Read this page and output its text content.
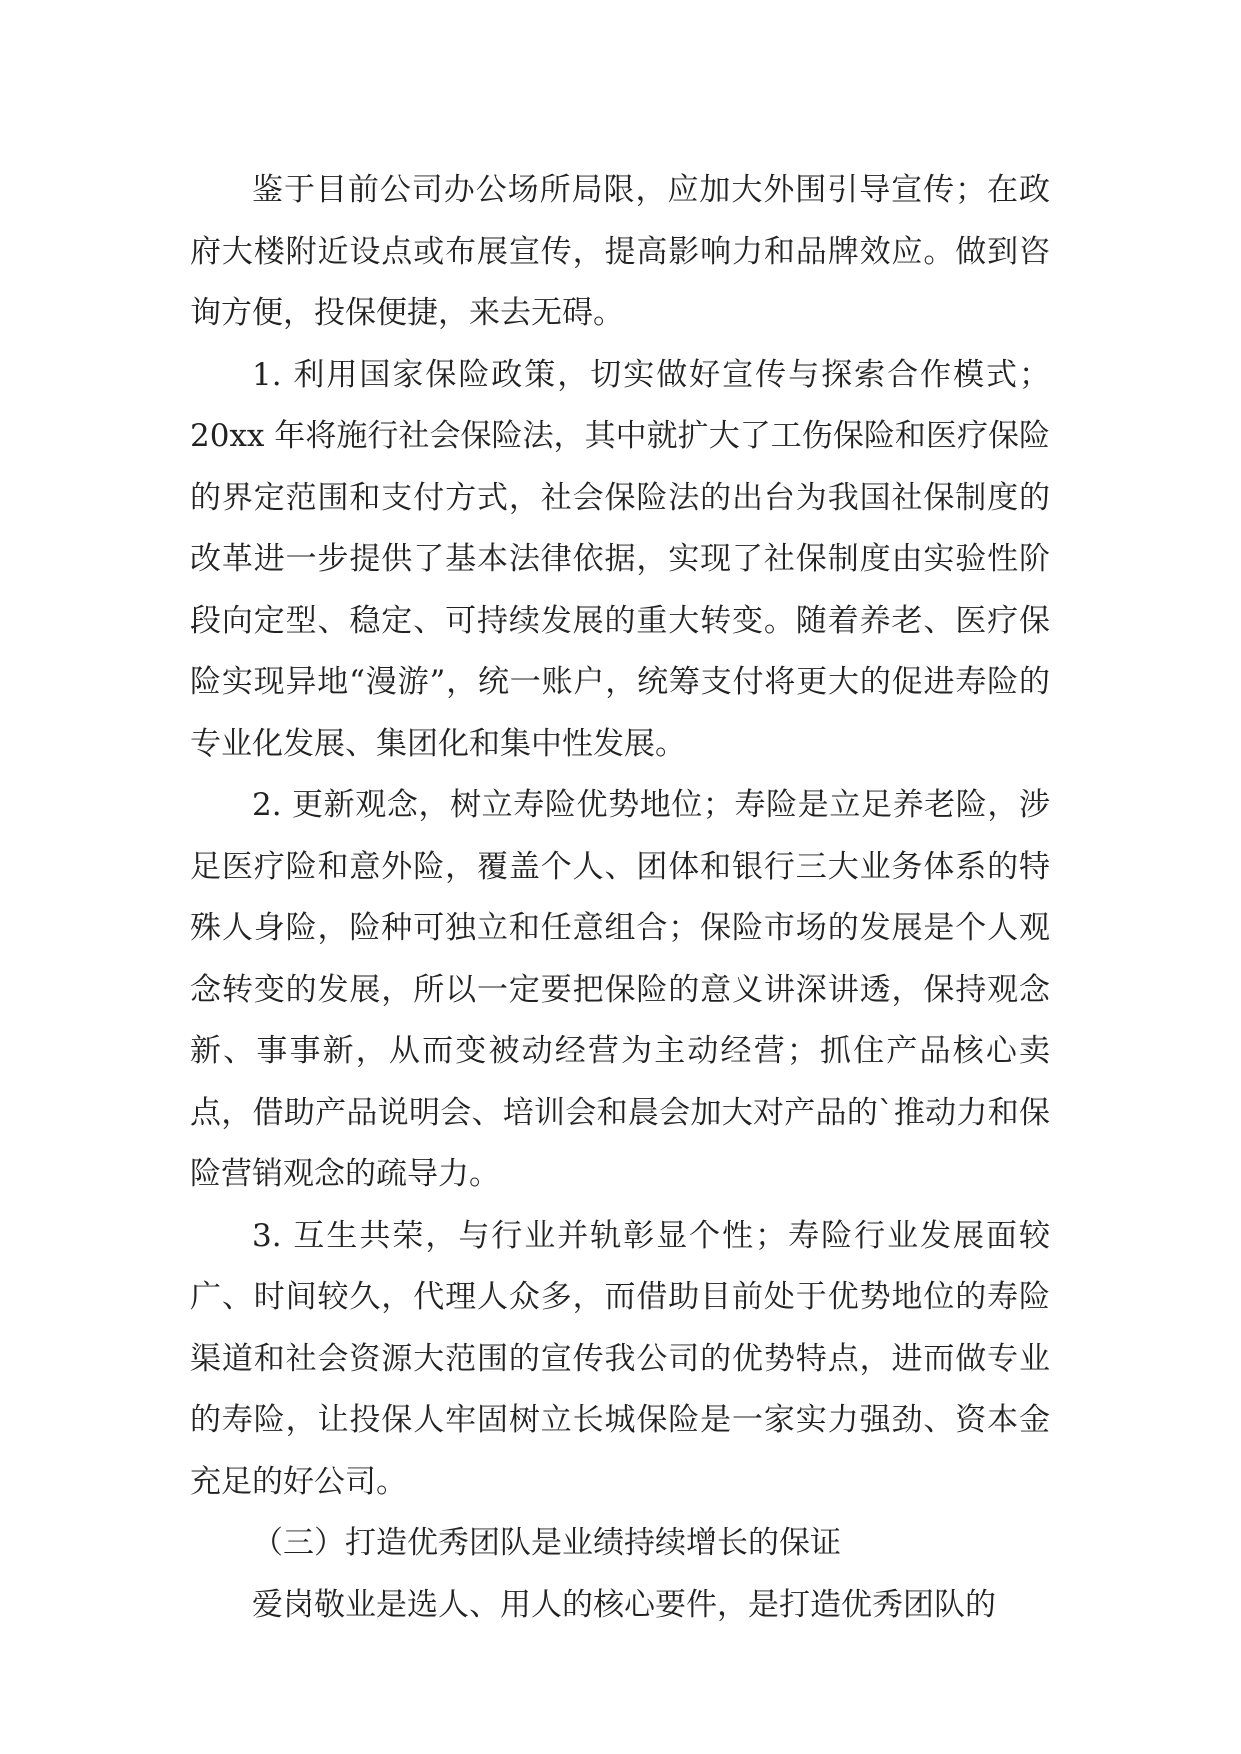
鉴于目前公司办公场所局限，应加大外围引导宣传；在政府大楼附近设点或布展宣传，提高影响力和品牌效应。做到咨询方便，投保便捷，来去无碍。

1. 利用国家保险政策，切实做好宣传与探索合作模式；20xx 年将施行社会保险法，其中就扩大了工伤保险和医疗保险的界定范围和支付方式，社会保险法的出台为我国社保制度的改革进一步提供了基本法律依据，实现了社保制度由实验性阶段向定型、稳定、可持续发展的重大转变。随着养老、医疗保险实现异地“漫游”，统一账户，统筹支付将更大的促进寿险的专业化发展、集团化和集中性发展。

2. 更新观念，树立寿险优势地位；寿险是立足养老险，涉足医疗险和意外险，覆盖个人、团体和银行三大业务体系的特殊人身险，险种可独立和任意组合；保险市场的发展是个人观念转变的发展，所以一定要把保险的意义讲深讲透，保持观念新、事事新，从而变被动经营为主动经营；抓住产品核心卖点，借助产品说明会、培训会和晨会加大对产品的`推动力和保险营销观念的疏导力。

3. 互生共荣，与行业并轨彰显个性；寿险行业发展面较广、时间较久，代理人众多，而借助目前处于优势地位的寿险渠道和社会资源大范围的宣传我公司的优势特点，进而做专业的寿险，让投保人牢固树立长城保险是一家实力强劲、资本金充足的好公司。

（三）打造优秀团队是业绩持续增长的保证

爱岗敬业是选人、用人的核心要件，是打造优秀团队的
